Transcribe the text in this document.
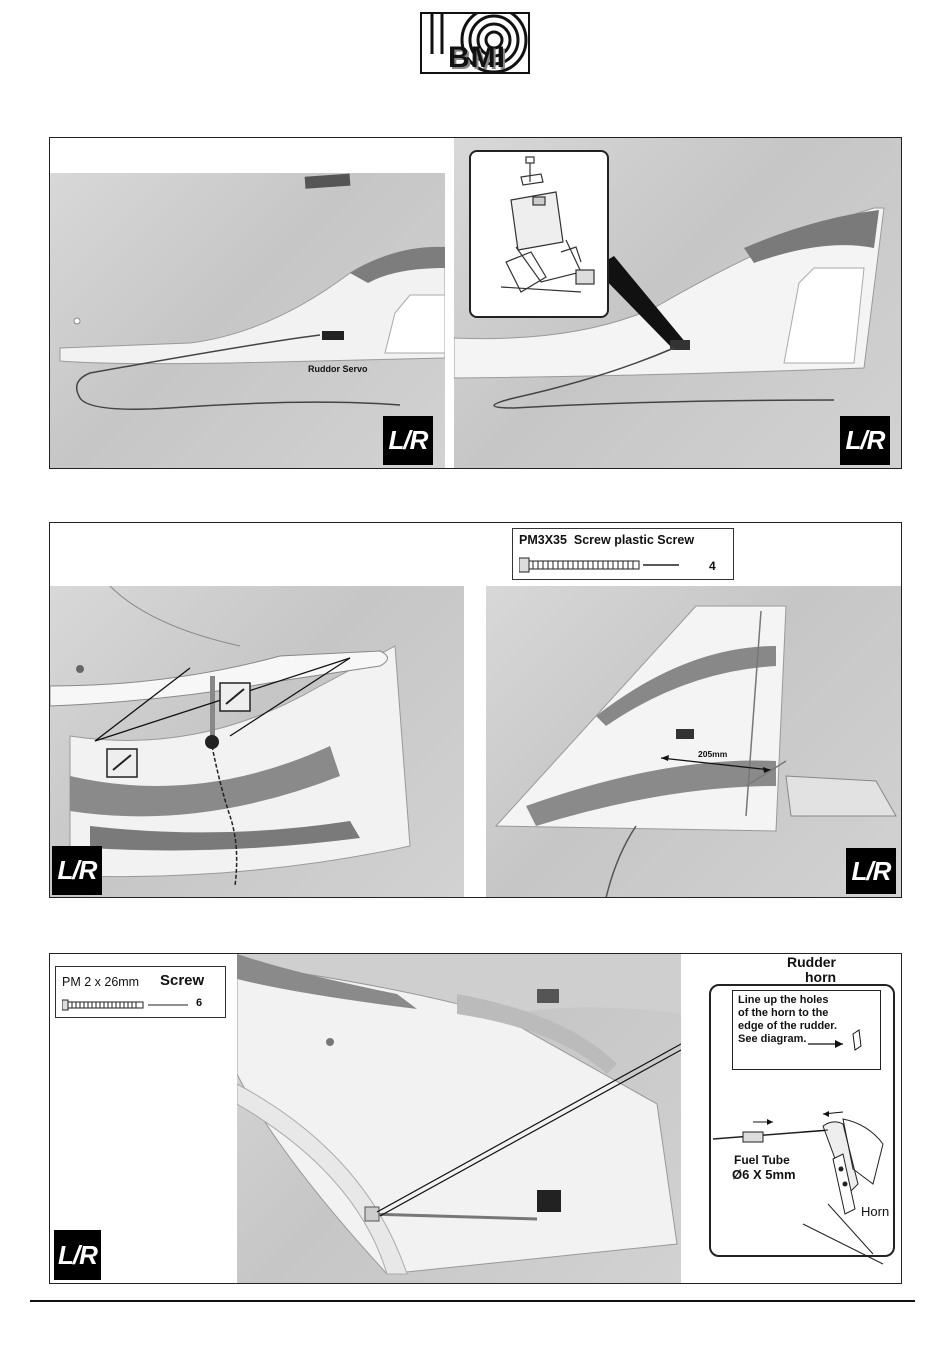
BMI
Ruddor Servo
L/R	L/R
PM3X35  Screw plastic Screw
4
L/R
205mm
L/R
PM 2 x 26mm Screw
6
L/R
Rudder
horn
Line up the holes
of the horn to the
edge of the rudder.
See diagram.
Fuel Tube
Ø6 X 5mm
Horn
